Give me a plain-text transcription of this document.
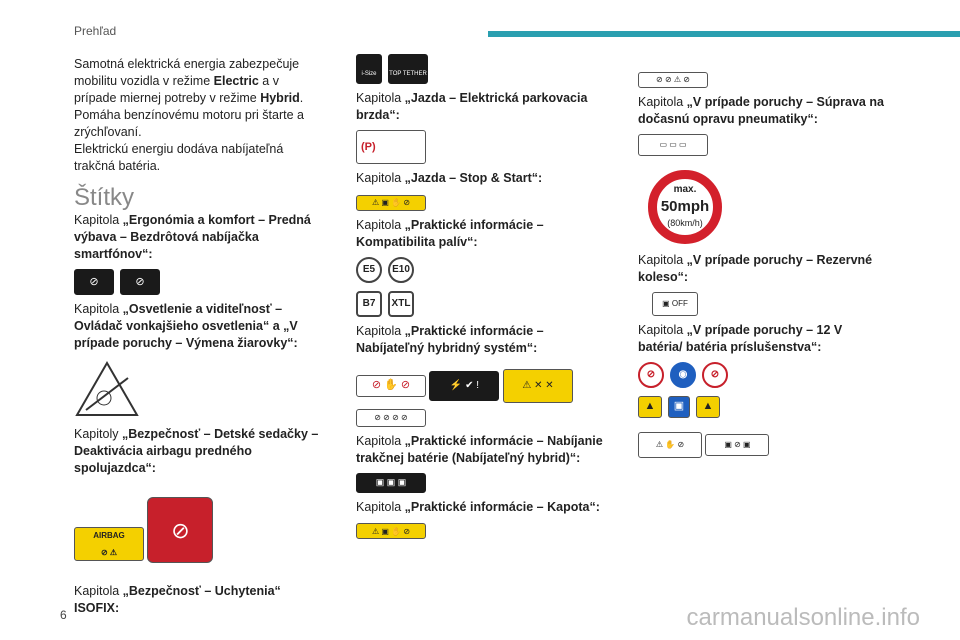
Prehľad

Samotná elektrická energia zabezpečuje mobilitu vozidla v režime Electric a v prípade miernej potreby v režime Hybrid. Pomáha benzínovému motoru pri štarte a zrýchľovaní.
Elektrickú energiu dodáva nabíjateľná trakčná batéria.

Štítky

Kapitola „Ergonómia a komfort – Predná výbava – Bezdrôtová nabíjačka smartfónov“:

⊘	⊘

Kapitola „Osvetlenie a viditeľnosť – Ovládač vonkajšieho osvetlenia“ a „V prípade poruchy – Výmena žiarovky“:

Kapitoly „Bezpečnosť – Detské sedačky – Deaktivácia airbagu predného spolujazdca“:

AIRBAG
⊘ ⚠
⊘

Kapitola „Bezpečnosť – Uchytenia“ ISOFIX:

i-Size	TOP TETHER

Kapitola „Jazda – Elektrická parkovacia brzda“:

(P)

Kapitola „Jazda – Stop & Start“:

⚠ ▣ ✋ ⊘

Kapitola „Praktické informácie – Kompatibilita palív“:

E5	E10
B7	XTL

Kapitola „Praktické informácie – Nabíjateľný hybridný systém“:

⊘ ✋ ⊘	⚡ ✔ !	⚠ ✕ ✕ ⊘ ⊘ ⊘ ⊘

Kapitola „Praktické informácie – Nabíjanie trakčnej batérie (Nabíjateľný hybrid)“:

▣ ▣ ▣

Kapitola „Praktické informácie – Kapota“:

⚠ ▣ ✋ ⊘
⊘ ⊘ ⚠ ⊘

Kapitola „V prípade poruchy – Súprava na dočasnú opravu pneumatiky“:

▭ ▭ ▭
max.
50mph
(80km/h)

Kapitola „V prípade poruchy – Rezervné koleso“:

▣ OFF

Kapitola „V prípade poruchy – 12 V batéria/ batéria príslušenstva“:

⊘	◉	⊘
▲	▣	▲
⚠ ✋ ⊘	▣ ⊘ ▣
6	carmanualsonline.info
